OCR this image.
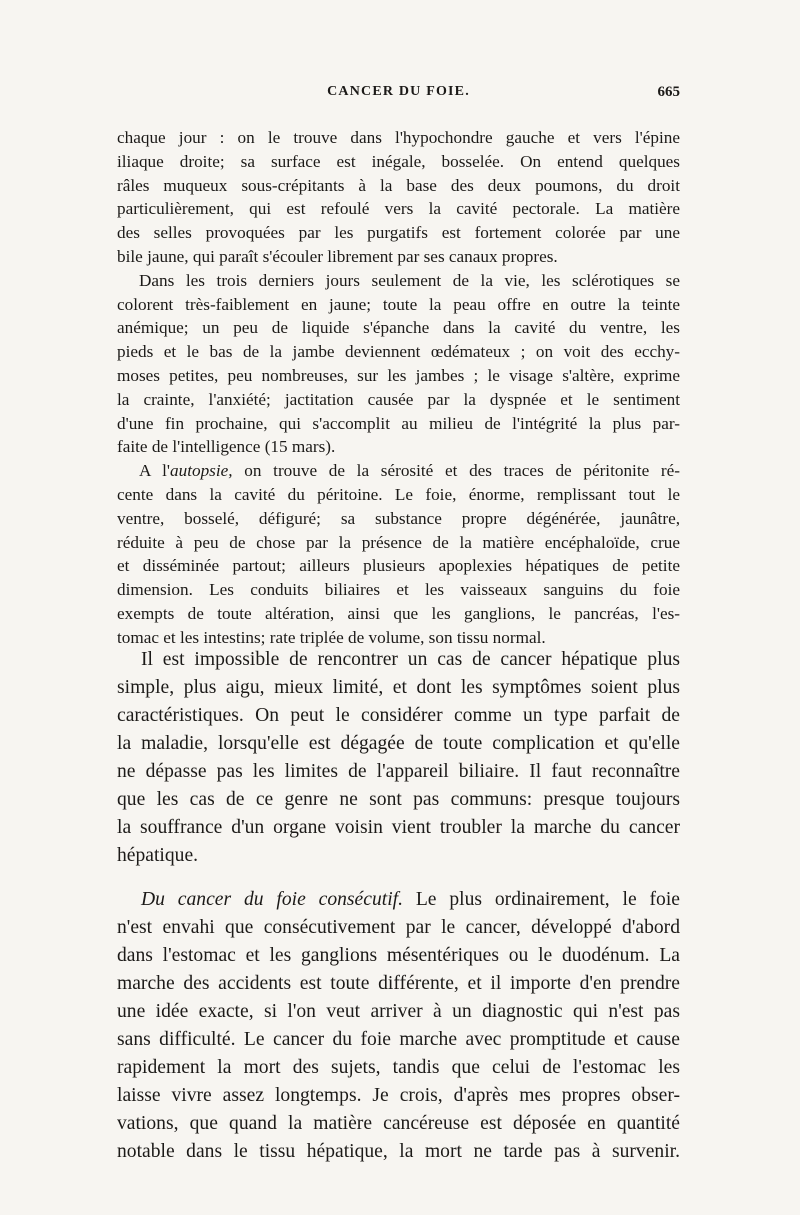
CANCER DU FOIE.	665
chaque jour : on le trouve dans l'hypochondre gauche et vers l'épine
iliaque droite; sa surface est inégale, bosselée. On entend quelques
râles muqueux sous-crépitants à la base des deux poumons, du droit
particulièrement, qui est refoulé vers la cavité pectorale. La matière
des selles provoquées par les purgatifs est fortement colorée par une
bile jaune, qui paraît s'écouler librement par ses canaux propres.
Dans les trois derniers jours seulement de la vie, les sclérotiques se
colorent très-faiblement en jaune; toute la peau offre en outre la teinte
anémique; un peu de liquide s'épanche dans la cavité du ventre, les
pieds et le bas de la jambe deviennent œdémateux ; on voit des ecchy-
moses petites, peu nombreuses, sur les jambes ; le visage s'altère, exprime
la crainte, l'anxiété; jactitation causée par la dyspnée et le sentiment
d'une fin prochaine, qui s'accomplit au milieu de l'intégrité la plus par-
faite de l'intelligence (15 mars).
A l'autopsie, on trouve de la sérosité et des traces de péritonite ré-
cente dans la cavité du péritoine. Le foie, énorme, remplissant tout le
ventre, bosselé, défiguré; sa substance propre dégénérée, jaunâtre,
réduite à peu de chose par la présence de la matière encéphaloïde, crue
et disséminée partout; ailleurs plusieurs apoplexies hépatiques de petite
dimension. Les conduits biliaires et les vaisseaux sanguins du foie
exempts de toute altération, ainsi que les ganglions, le pancréas, l'es-
tomac et les intestins; rate triplée de volume, son tissu normal.
Il est impossible de rencontrer un cas de cancer hépatique plus
simple, plus aigu, mieux limité, et dont les symptômes soient plus
caractéristiques. On peut le considérer comme un type parfait de
la maladie, lorsqu'elle est dégagée de toute complication et qu'elle
ne dépasse pas les limites de l'appareil biliaire. Il faut reconnaître
que les cas de ce genre ne sont pas communs: presque toujours
la souffrance d'un organe voisin vient troubler la marche du cancer
hépatique.
Du cancer du foie consécutif. Le plus ordinairement, le foie
n'est envahi que consécutivement par le cancer, développé d'abord
dans l'estomac et les ganglions mésentériques ou le duodénum. La
marche des accidents est toute différente, et il importe d'en prendre
une idée exacte, si l'on veut arriver à un diagnostic qui n'est pas
sans difficulté. Le cancer du foie marche avec promptitude et cause
rapidement la mort des sujets, tandis que celui de l'estomac les
laisse vivre assez longtemps. Je crois, d'après mes propres obser-
vations, que quand la matière cancéreuse est déposée en quantité
notable dans le tissu hépatique, la mort ne tarde pas à survenir.
